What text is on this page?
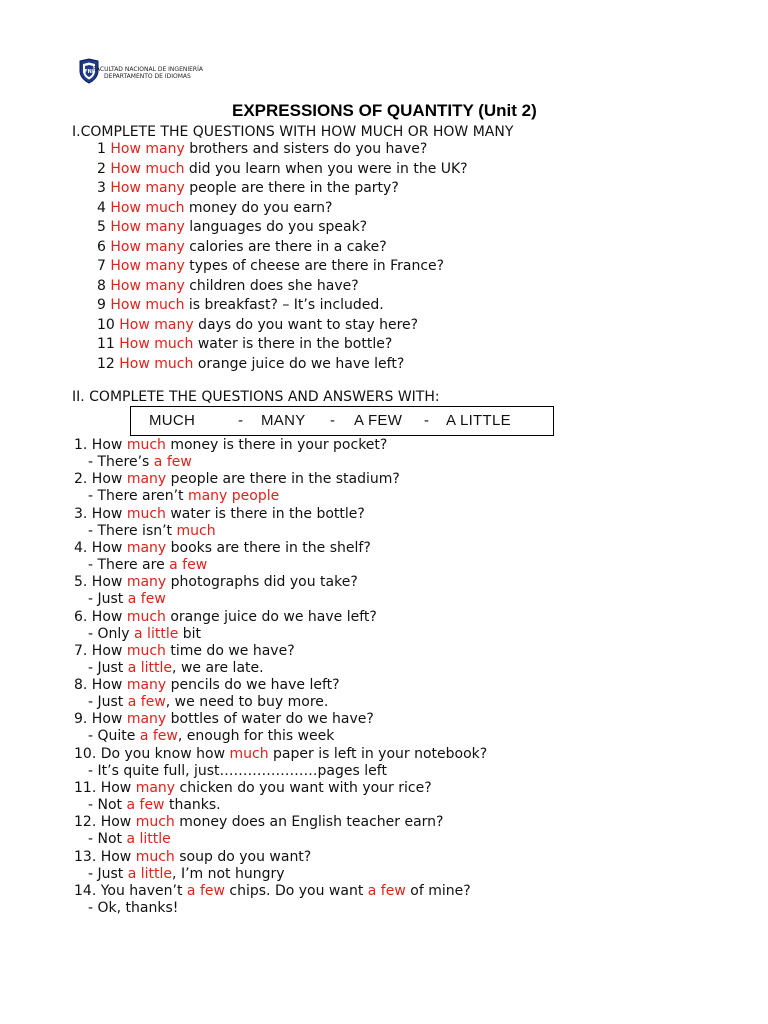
FNI FACULTAD NACIONAL DE INGENIERÍA
DEPARTAMENTO DE IDIOMAS
EXPRESSIONS OF QUANTITY (Unit 2)
I.COMPLETE THE QUESTIONS WITH HOW MUCH OR HOW MANY
1 How many brothers and sisters do you have?
2 How much did you learn when you were in the UK?
3 How many people are there in the party?
4 How much money do you earn?
5 How many languages do you speak?
6 How many calories are there in a cake?
7 How many types of cheese are there in France?
8 How many children does she have?
9 How much is breakfast? – It’s included.
10 How many days do you want to stay here?
11 How much water is there in the bottle?
12 How much orange juice do we have left?
II. COMPLETE THE QUESTIONS AND ANSWERS WITH:
MUCH	- MANY - A FEW - A LITTLE
1. How much money is there in your pocket?
- There’s a few
2. How many people are there in the stadium?
- There aren’t many people
3. How much water is there in the bottle?
- There isn’t much
4. How many books are there in the shelf?
- There are a few
5. How many photographs did you take?
- Just a few
6. How much orange juice do we have left?
- Only a little bit
7. How much time do we have?
- Just a little, we are late.
8. How many pencils do we have left?
- Just a few, we need to buy more.
9. How many bottles of water do we have?
- Quite a few, enough for this week
10. Do you know how much paper is left in your notebook?
- It’s quite full, just…………………pages left
11. How many chicken do you want with your rice?
- Not a few thanks.
12. How much money does an English teacher earn?
- Not a little
13. How much soup do you want?
- Just a little, I’m not hungry
14. You haven’t a few chips. Do you want a few of mine?
- Ok, thanks!
